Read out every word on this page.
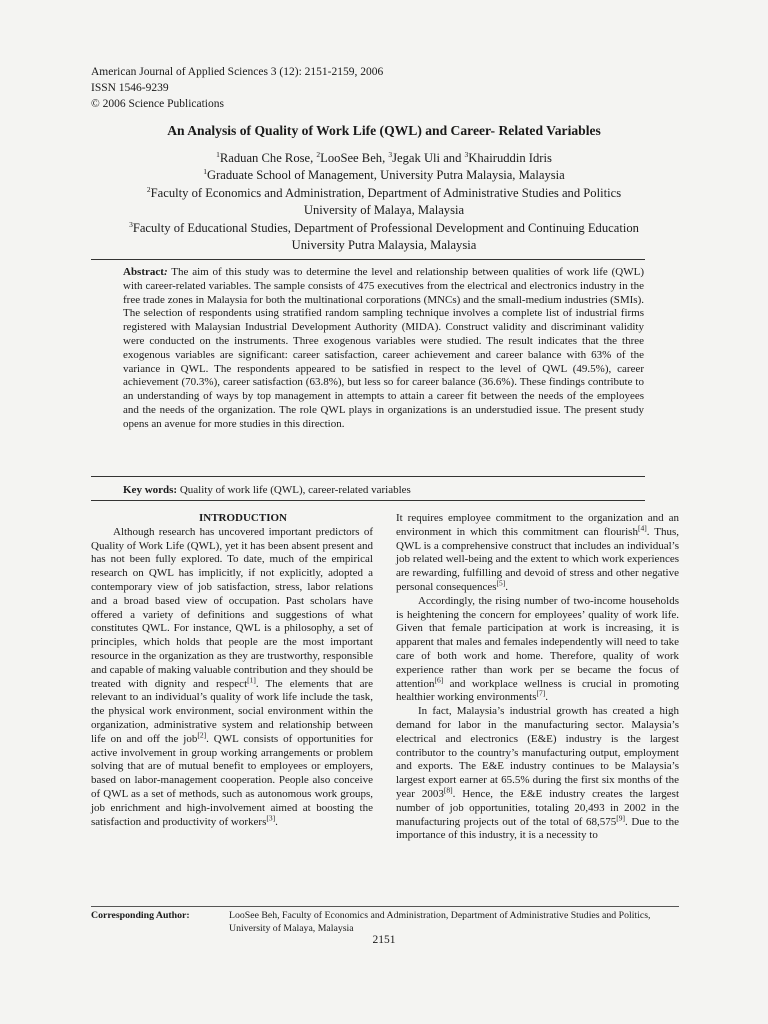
American Journal of Applied Sciences 3 (12): 2151-2159, 2006
ISSN 1546-9239
© 2006 Science Publications
An Analysis of Quality of Work Life (QWL) and Career- Related Variables
$^1$Raduan Che Rose, $^2$LooSee Beh, $^3$Jegak Uli and $^3$Khairuddin Idris
$^1$Graduate School of Management, University Putra Malaysia, Malaysia
$^2$Faculty of Economics and Administration, Department of Administrative Studies and Politics
University of Malaya, Malaysia
$^3$Faculty of Educational Studies, Department of Professional Development and Continuing Education
University Putra Malaysia, Malaysia
Abstract: The aim of this study was to determine the level and relationship between qualities of work life (QWL) with career-related variables. The sample consists of 475 executives from the electrical and electronics industry in the free trade zones in Malaysia for both the multinational corporations (MNCs) and the small-medium industries (SMIs). The selection of respondents using stratified random sampling technique involves a complete list of industrial firms registered with Malaysian Industrial Development Authority (MIDA). Construct validity and discriminant validity were conducted on the instruments. Three exogenous variables were studied. The result indicates that the three exogenous variables are significant: career satisfaction, career achievement and career balance with 63% of the variance in QWL. The respondents appeared to be satisfied in respect to the level of QWL (49.5%), career achievement (70.3%), career satisfaction (63.8%), but less so for career balance (36.6%). These findings contribute to an understanding of ways by top management in attempts to attain a career fit between the needs of the employees and the needs of the organization. The role QWL plays in organizations is an understudied issue. The present study opens an avenue for more studies in this direction.
Key words: Quality of work life (QWL), career-related variables

INTRODUCTION

Although research has uncovered important predictors of Quality of Work Life (QWL), yet it has been absent present and has not been fully explored. To date, much of the empirical research on QWL has implicitly, if not explicitly, adopted a contemporary view of job satisfaction, stress, labor relations and a broad based view of occupation. Past scholars have offered a variety of definitions and suggestions of what constitutes QWL. For instance, QWL is a philosophy, a set of principles, which holds that people are the most important resource in the organization as they are trustworthy, responsible and capable of making valuable contribution and they should be treated with dignity and respect[1]. The elements that are relevant to an individual’s quality of work life include the task, the physical work environment, social environment within the organization, administrative system and relationship between life on and off the job[2]. QWL consists of opportunities for active involvement in group working arrangements or problem solving that are of mutual benefit to employees or employers, based on labor-management cooperation. People also conceive of QWL as a set of methods, such as autonomous work groups, job enrichment and high-involvement aimed at boosting the satisfaction and productivity of workers[3].

It requires employee commitment to the organization and an environment in which this commitment can flourish[4]. Thus, QWL is a comprehensive construct that includes an individual’s job related well-being and the extent to which work experiences are rewarding, fulfilling and devoid of stress and other negative personal consequences[5].

Accordingly, the rising number of two-income households is heightening the concern for employees’ quality of work life. Given that female participation at work is increasing, it is apparent that males and females independently will need to take care of both work and home. Therefore, quality of work experience rather than work per se became the focus of attention[6] and workplace wellness is crucial in promoting healthier working environments[7].

In fact, Malaysia’s industrial growth has created a high demand for labor in the manufacturing sector. Malaysia’s electrical and electronics (E&E) industry is the largest contributor to the country’s manufacturing output, employment and exports. The E&E industry continues to be Malaysia’s largest export earner at 65.5% during the first six months of the year 2003[8]. Hence, the E&E industry creates the largest number of job opportunities, totaling 20,493 in 2002 in the manufacturing projects out of the total of 68,575[9]. Due to the importance of this industry, it is a necessity to

Corresponding Author:	LooSee Beh, Faculty of Economics and Administration, Department of Administrative Studies and Politics, University of Malaya, Malaysia
2151
